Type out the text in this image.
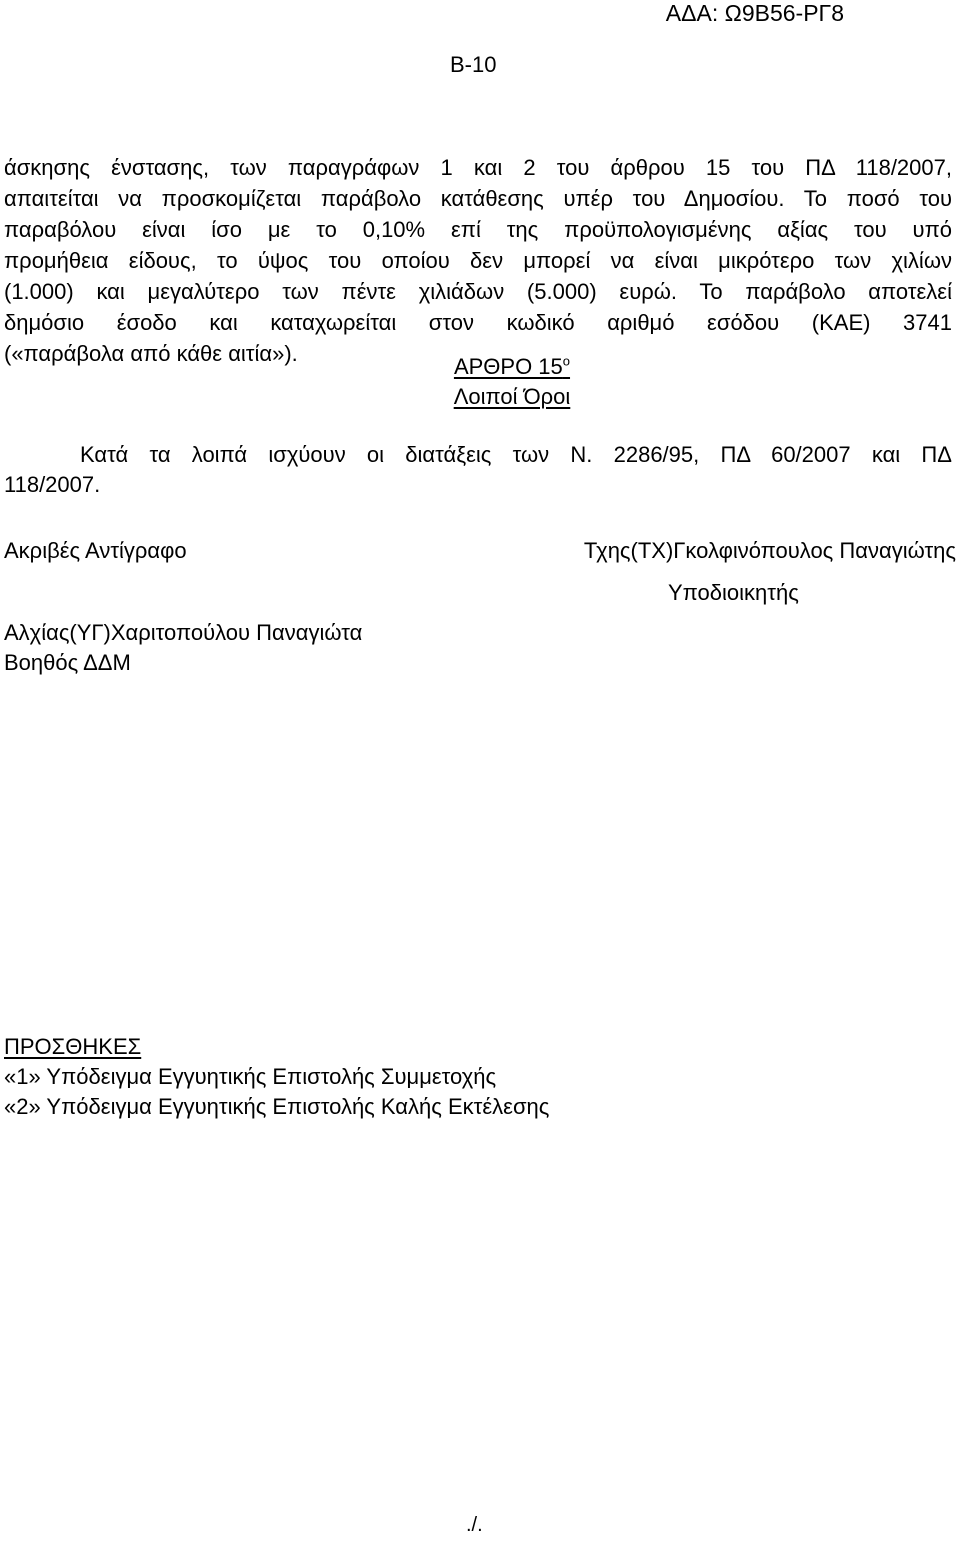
ΑΔΑ: Ω9Β56-ΡΓ8
Β-10
άσκησης ένστασης, των παραγράφων 1 και 2 του άρθρου 15 του ΠΔ 118/2007,
απαιτείται να προσκομίζεται παράβολο κατάθεσης υπέρ του Δημοσίου. Το ποσό του
παραβόλου είναι ίσο με το 0,10% επί της προϋπολογισμένης αξίας του υπό
προμήθεια είδους, το ύψος του οποίου δεν μπορεί να είναι μικρότερο των χιλίων
(1.000) και μεγαλύτερο των πέντε χιλιάδων (5.000) ευρώ. Το παράβολο αποτελεί
δημόσιο έσοδο και καταχωρείται στον κωδικό αριθμό εσόδου (ΚΑΕ) 3741
(«παράβολα από κάθε αιτία»).
ΑΡΘΡΟ $15^o$
Λοιποί Όροι
Κατά τα λοιπά ισχύουν οι διατάξεις των Ν. 2286/95, ΠΔ 60/2007 και ΠΔ
118/2007.
Ακριβές Αντίγραφο	Τχης(ΤΧ)Γκολφινόπουλος Παναγιώτης
Υποδιοικητής
Αλχίας(ΥΓ)Χαριτοπούλου Παναγιώτα
Βοηθός ΔΔΜ
ΠΡΟΣΘΗΚΕΣ
«1» Υπόδειγμα Εγγυητικής Επιστολής Συμμετοχής
«2» Υπόδειγμα Εγγυητικής Επιστολής Καλής Εκτέλεσης
./.
